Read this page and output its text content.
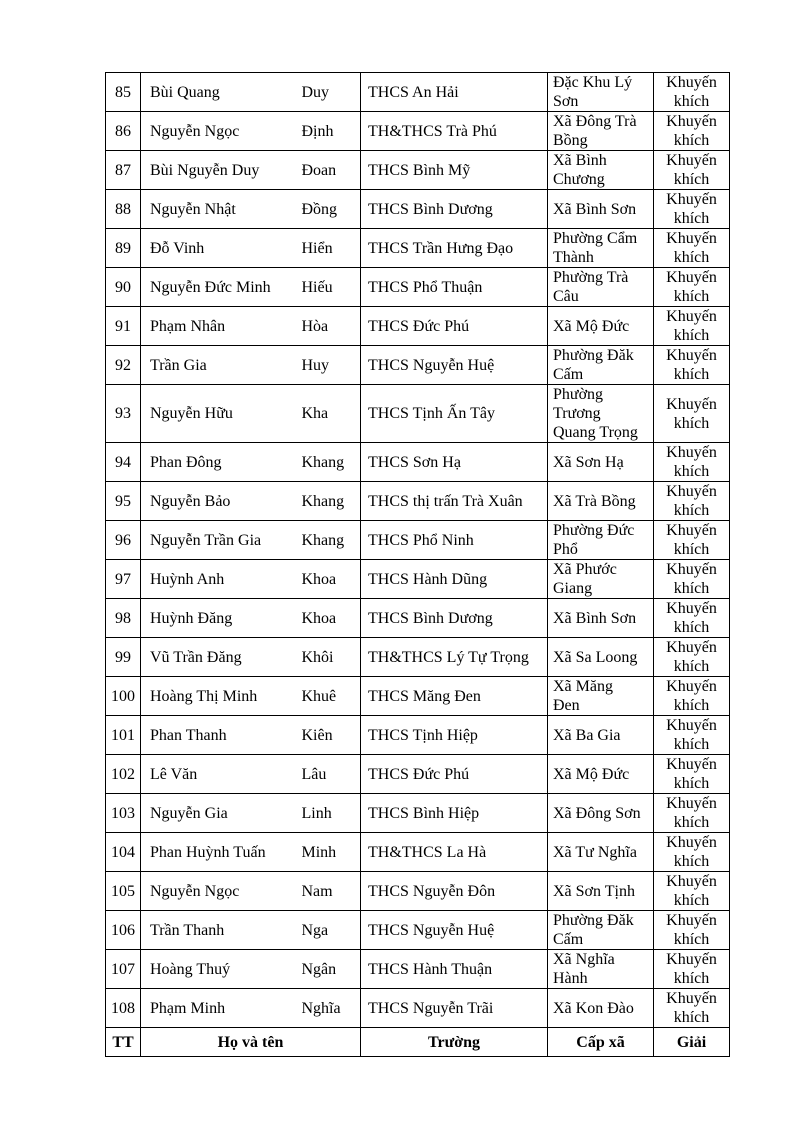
85	Bùi Quang	Duy	THCS An Hải	Đặc Khu Lý Sơn	Khuyến khích
86	Nguyễn Ngọc	Định	TH&THCS Trà Phú	Xã Đông Trà Bồng	Khuyến khích
87	Bùi Nguyễn Duy	Đoan	THCS Bình Mỹ	Xã Bình Chương	Khuyến khích
88	Nguyễn Nhật	Đồng	THCS Bình Dương	Xã Bình Sơn	Khuyến khích
89	Đỗ Vinh	Hiển	THCS Trần Hưng Đạo	Phường Cẩm Thành	Khuyến khích
90	Nguyễn Đức Minh	Hiếu	THCS Phổ Thuận	Phường Trà Câu	Khuyến khích
91	Phạm Nhân	Hòa	THCS Đức Phú	Xã Mộ Đức	Khuyến khích
92	Trần Gia	Huy	THCS Nguyễn Huệ	Phường Đăk Cấm	Khuyến khích
93	Nguyễn Hữu	Kha	THCS Tịnh Ấn Tây	Phường Trương Quang Trọng	Khuyến khích
94	Phan Đông	Khang	THCS Sơn Hạ	Xã Sơn Hạ	Khuyến khích
95	Nguyễn Bảo	Khang	THCS thị trấn Trà Xuân	Xã Trà Bồng	Khuyến khích
96	Nguyễn Trần Gia	Khang	THCS Phổ Ninh	Phường Đức Phổ	Khuyến khích
97	Huỳnh Anh	Khoa	THCS Hành Dũng	Xã Phước Giang	Khuyến khích
98	Huỳnh Đăng	Khoa	THCS Bình Dương	Xã Bình Sơn	Khuyến khích
99	Vũ Trần Đăng	Khôi	TH&THCS Lý Tự Trọng	Xã Sa Loong	Khuyến khích
100	Hoàng Thị Minh	Khuê	THCS Măng Đen	Xã Măng Đen	Khuyến khích
101	Phan Thanh	Kiên	THCS Tịnh Hiệp	Xã Ba Gia	Khuyến khích
102	Lê Văn	Lâu	THCS Đức Phú	Xã Mộ Đức	Khuyến khích
103	Nguyễn Gia	Linh	THCS Bình Hiệp	Xã Đông Sơn	Khuyến khích
104	Phan Huỳnh Tuấn	Minh	TH&THCS La Hà	Xã Tư Nghĩa	Khuyến khích
105	Nguyễn Ngọc	Nam	THCS Nguyễn Đôn	Xã Sơn Tịnh	Khuyến khích
106	Trần Thanh	Nga	THCS Nguyễn Huệ	Phường Đăk Cấm	Khuyến khích
107	Hoàng Thuý	Ngân	THCS Hành Thuận	Xã Nghĩa Hành	Khuyến khích
108	Phạm Minh	Nghĩa	THCS Nguyễn Trãi	Xã Kon Đào	Khuyến khích
TT	Họ và tên		Trường	Cấp xã	Giải
